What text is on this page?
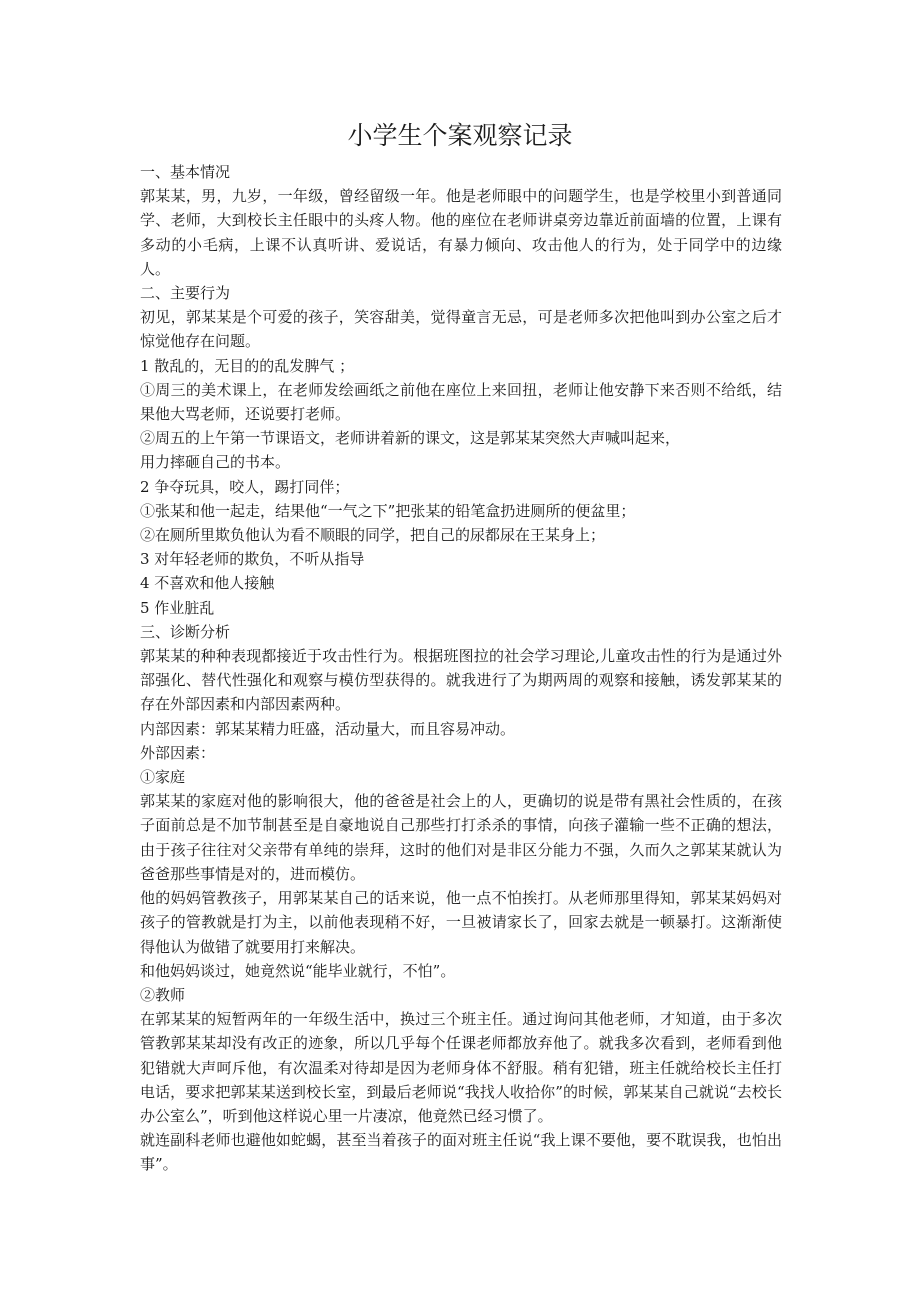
小学生个案观察记录

一、基本情况

郭某某，男，九岁，一年级，曾经留级一年。他是老师眼中的问题学生，也是学校里小到普通同学、老师，大到校长主任眼中的头疼人物。他的座位在老师讲桌旁边靠近前面墙的位置，上课有多动的小毛病，上课不认真听讲、爱说话，有暴力倾向、攻击他人的行为，处于同学中的边缘人。

二、主要行为

初见，郭某某是个可爱的孩子，笑容甜美，觉得童言无忌，可是老师多次把他叫到办公室之后才惊觉他存在问题。

1 散乱的，无目的的乱发脾气 ；

①周三的美术课上，在老师发绘画纸之前他在座位上来回扭，老师让他安静下来否则不给纸，结果他大骂老师，还说要打老师。

②周五的上午第一节课语文，老师讲着新的课文，这是郭某某突然大声喊叫起来，

用力摔砸自己的书本。

2 争夺玩具，咬人，踢打同伴；

①张某和他一起走，结果他“一气之下”把张某的铅笔盒扔进厕所的便盆里；

②在厕所里欺负他认为看不顺眼的同学，把自己的尿都尿在王某身上；

3 对年轻老师的欺负，不听从指导

4 不喜欢和他人接触

5 作业脏乱

三、诊断分析

郭某某的种种表现都接近于攻击性行为。根据班图拉的社会学习理论,儿童攻击性的行为是通过外部强化、替代性强化和观察与模仿型获得的。就我进行了为期两周的观察和接触，诱发郭某某的存在外部因素和内部因素两种。

内部因素：郭某某精力旺盛，活动量大，而且容易冲动。

外部因素：

①家庭

郭某某的家庭对他的影响很大，他的爸爸是社会上的人，更确切的说是带有黑社会性质的，在孩子面前总是不加节制甚至是自豪地说自己那些打打杀杀的事情，向孩子灌输一些不正确的想法，由于孩子往往对父亲带有单纯的崇拜，这时的他们对是非区分能力不强，久而久之郭某某就认为爸爸那些事情是对的，进而模仿。

他的妈妈管教孩子，用郭某某自己的话来说，他一点不怕挨打。从老师那里得知，郭某某妈妈对孩子的管教就是打为主，以前他表现稍不好，一旦被请家长了，回家去就是一顿暴打。这渐渐使得他认为做错了就要用打来解决。

和他妈妈谈过，她竟然说“能毕业就行，不怕”。

②教师

在郭某某的短暂两年的一年级生活中，换过三个班主任。通过询问其他老师，才知道，由于多次管教郭某某却没有改正的迹象，所以几乎每个任课老师都放弃他了。就我多次看到，老师看到他犯错就大声呵斥他，有次温柔对待却是因为老师身体不舒服。稍有犯错，班主任就给校长主任打电话，要求把郭某某送到校长室，到最后老师说“我找人收拾你”的时候，郭某某自己就说“去校长办公室么”，听到他这样说心里一片凄凉，他竟然已经习惯了。

就连副科老师也避他如蛇蝎，甚至当着孩子的面对班主任说“我上课不要他，要不耽误我，也怕出事”。
